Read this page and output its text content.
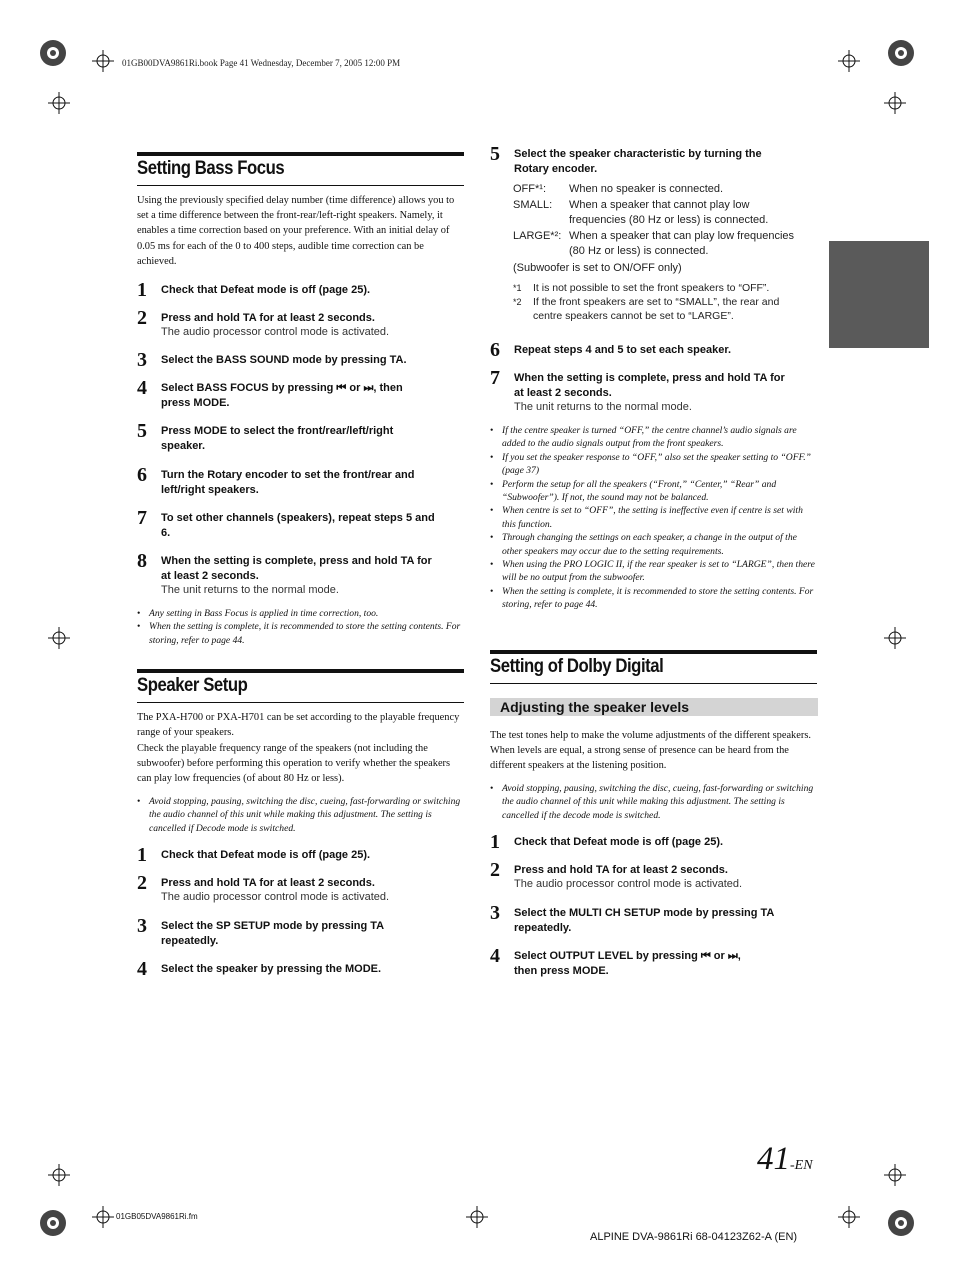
01GB00DVA9861Ri.book Page 41 Wednesday, December 7, 2005 12:00 PM
Setting Bass Focus
Using the previously specified delay number (time difference) allows you to set a time difference between the front-rear/left-right speakers. Namely, it enables a time correction based on your preference. With an initial delay of 0.05 ms for each of the 0 to 400 steps, audible time correction can be achieved.
1 Check that Defeat mode is off (page 25).
2 Press and hold TA for at least 2 seconds.
The audio processor control mode is activated.
3 Select the BASS SOUND mode by pressing TA.
4 Select BASS FOCUS by pressing ⏮ or ⏭, then
press MODE.
5 Press MODE to select the front/rear/left/right
speaker.
6 Turn the Rotary encoder to set the front/rear and
left/right speakers.
7 To set other channels (speakers), repeat steps 5 and
6.
8 When the setting is complete, press and hold TA for
at least 2 seconds.
The unit returns to the normal mode.
• Any setting in Bass Focus is applied in time correction, too.
• When the setting is complete, it is recommended to store the setting contents. For storing, refer to page 44.
Speaker Setup
The PXA-H700 or PXA-H701 can be set according to the playable frequency range of your speakers.
Check the playable frequency range of the speakers (not including the subwoofer) before performing this operation to verify whether the speakers can play low frequencies (of about 80 Hz or less).
• Avoid stopping, pausing, switching the disc, cueing, fast-forwarding or switching the audio channel of this unit while making this adjustment. The setting is cancelled if Decode mode is switched.
1 Check that Defeat mode is off (page 25).
2 Press and hold TA for at least 2 seconds.
The audio processor control mode is activated.
3 Select the SP SETUP mode by pressing TA
repeatedly.
4 Select the speaker by pressing the MODE.
5 Select the speaker characteristic by turning the
Rotary encoder.
OFF*¹: When no speaker is connected.
SMALL: When a speaker that cannot play low
frequencies (80 Hz or less) is connected.
LARGE*²: When a speaker that can play low frequencies
(80 Hz or less) is connected.
(Subwoofer is set to ON/OFF only)
*1 It is not possible to set the front speakers to “OFF”.
*2 If the front speakers are set to “SMALL”, the rear and
centre speakers cannot be set to “LARGE”.
6 Repeat steps 4 and 5 to set each speaker.
7 When the setting is complete, press and hold TA for
at least 2 seconds.
The unit returns to the normal mode.
• If the centre speaker is turned “OFF,” the centre channel’s audio signals are added to the audio signals output from the front speakers.
• If you set the speaker response to “OFF,” also set the speaker setting to “OFF.” (page 37)
• Perform the setup for all the speakers (“Front,” “Center,” “Rear” and “Subwoofer”). If not, the sound may not be balanced.
• When centre is set to “OFF”, the setting is ineffective even if centre is set with this function.
• Through changing the settings on each speaker, a change in the output of the other speakers may occur due to the setting requirements.
• When using the PRO LOGIC II, if the rear speaker is set to “LARGE”, then there will be no output from the subwoofer.
• When the setting is complete, it is recommended to store the setting contents. For storing, refer to page 44.
Setting of Dolby Digital
Adjusting the speaker levels
The test tones help to make the volume adjustments of the different speakers. When levels are equal, a strong sense of presence can be heard from the different speakers at the listening position.
• Avoid stopping, pausing, switching the disc, cueing, fast-forwarding or switching the audio channel of this unit while making this adjustment. The setting is cancelled if the decode mode is switched.
1 Check that Defeat mode is off (page 25).
2 Press and hold TA for at least 2 seconds.
The audio processor control mode is activated.
3 Select the MULTI CH SETUP mode by pressing TA
repeatedly.
4 Select OUTPUT LEVEL by pressing ⏮ or ⏭,
then press MODE.
41-EN
01GB05DVA9861Ri.fm
ALPINE DVA-9861Ri 68-04123Z62-A (EN)
